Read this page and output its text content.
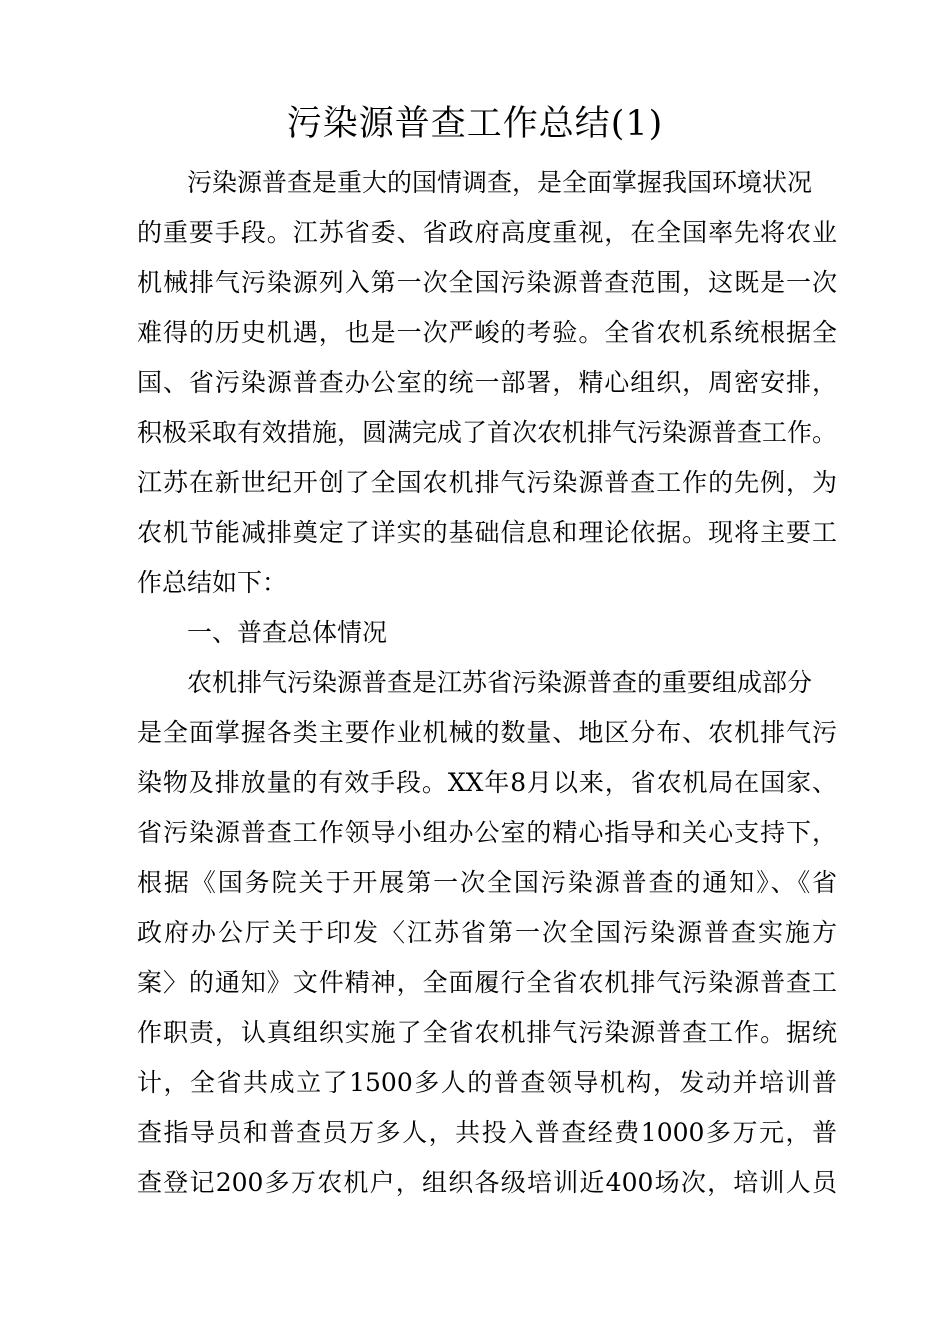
污染源普查工作总结(1)
污染源普查是重大的国情调查，是全面掌握我国环境状况
的重要手段。江苏省委、省政府高度重视，在全国率先将农业
机械排气污染源列入第一次全国污染源普查范围，这既是一次
难得的历史机遇，也是一次严峻的考验。全省农机系统根据全
国、省污染源普查办公室的统一部署，精心组织，周密安排，
积极采取有效措施，圆满完成了首次农机排气污染源普查工作。
江苏在新世纪开创了全国农机排气污染源普查工作的先例，为
农机节能减排奠定了详实的基础信息和理论依据。现将主要工
作总结如下：
一、普查总体情况
农机排气污染源普查是江苏省污染源普查的重要组成部分
是全面掌握各类主要作业机械的数量、地区分布、农机排气污
染物及排放量的有效手段。XX年8月以来，省农机局在国家、
省污染源普查工作领导小组办公室的精心指导和关心支持下，
根据《国务院关于开展第一次全国污染源普查的通知》、《省
政府办公厅关于印发〈江苏省第一次全国污染源普查实施方
案〉的通知》文件精神，全面履行全省农机排气污染源普查工
作职责，认真组织实施了全省农机排气污染源普查工作。据统
计，全省共成立了1500多人的普查领导机构，发动并培训普
查指导员和普查员万多人，共投入普查经费1000多万元，普
查登记200多万农机户，组织各级培训近400场次，培训人员
